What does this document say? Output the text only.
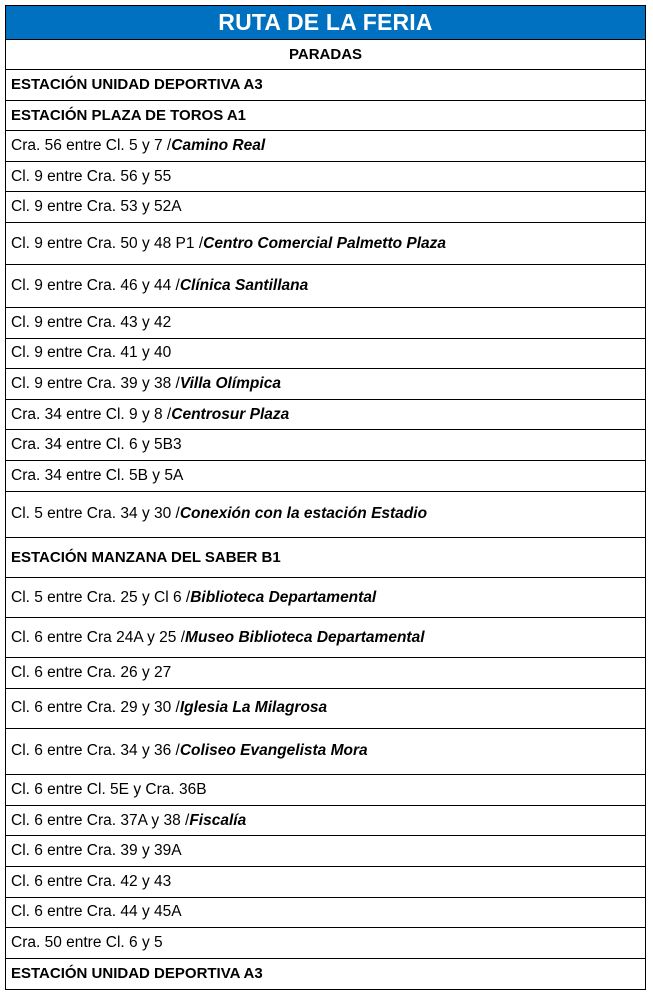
RUTA DE LA FERIA
PARADAS
ESTACIÓN UNIDAD DEPORTIVA A3
ESTACIÓN PLAZA DE TOROS A1
Cra. 56 entre Cl. 5 y 7 / Camino Real
Cl. 9 entre Cra. 56 y 55
Cl. 9 entre Cra. 53 y 52A
Cl. 9 entre Cra. 50 y 48 P1 / Centro Comercial Palmetto Plaza
Cl. 9 entre Cra. 46 y 44 / Clínica Santillana
Cl. 9 entre Cra. 43 y 42
Cl. 9 entre Cra. 41 y 40
Cl. 9 entre Cra. 39 y 38 / Villa Olímpica
Cra. 34 entre Cl. 9 y 8 / Centrosur Plaza
Cra. 34 entre Cl. 6 y 5B3
Cra. 34 entre Cl. 5B y 5A
Cl. 5 entre Cra. 34 y 30 / Conexión con la estación Estadio
ESTACIÓN MANZANA DEL SABER B1
Cl. 5 entre Cra. 25 y Cl 6 / Biblioteca Departamental
Cl. 6 entre Cra 24A y 25 / Museo Biblioteca Departamental
Cl. 6 entre Cra. 26 y 27
Cl. 6 entre Cra. 29 y 30 / Iglesia La Milagrosa
Cl. 6 entre Cra. 34 y 36 / Coliseo Evangelista Mora
Cl. 6 entre Cl. 5E y Cra. 36B
Cl. 6 entre Cra. 37A y 38 / Fiscalía
Cl. 6 entre Cra. 39 y 39A
Cl. 6 entre Cra. 42 y 43
Cl. 6 entre Cra. 44 y 45A
Cra. 50 entre Cl. 6 y 5
ESTACIÓN UNIDAD DEPORTIVA A3
